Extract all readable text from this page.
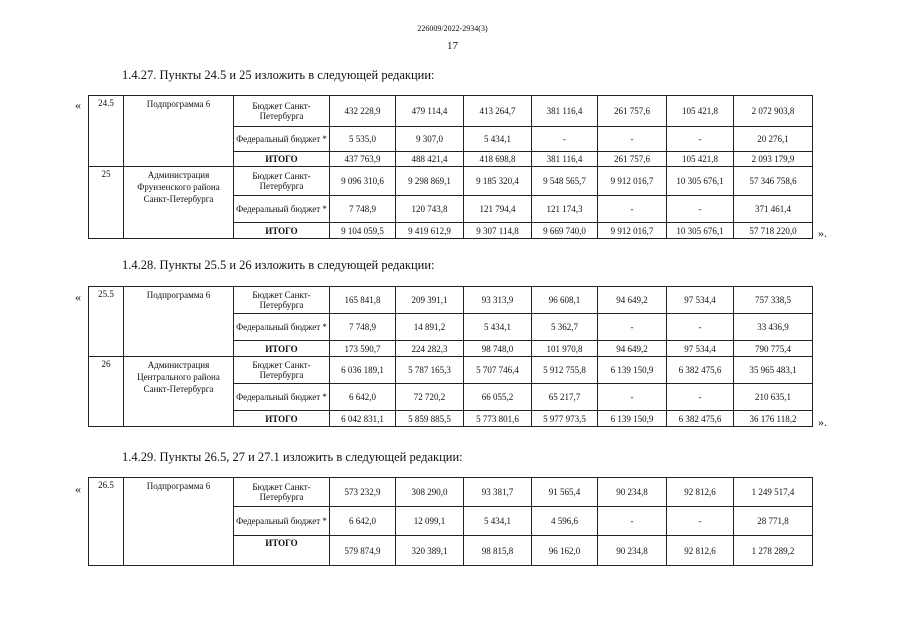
226009/2022-2934(3)
17
1.4.27. Пункты 24.5 и 25 изложить в следующей редакции:
«
».
24.5	Подпрограмма 6	Бюджет Санкт-Петербурга	432 228,9	479 114,4	413 264,7	381 116,4	261 757,6	105 421,8	2 072 903,8
		Федеральный бюджет *	5 535,0	9 307,0	5 434,1	-	-	-	20 276,1
		ИТОГО	437 763,9	488 421,4	418 698,8	381 116,4	261 757,6	105 421,8	2 093 179,9
25	Администрация Фрунзенского района Санкт-Петербурга	Бюджет Санкт-Петербурга	9 096 310,6	9 298 869,1	9 185 320,4	9 548 565,7	9 912 016,7	10 305 676,1	57 346 758,6
		Федеральный бюджет *	7 748,9	120 743,8	121 794,4	121 174,3	-	-	371 461,4
		ИТОГО	9 104 059,5	9 419 612,9	9 307 114,8	9 669 740,0	9 912 016,7	10 305 676,1	57 718 220,0
1.4.28. Пункты 25.5 и 26 изложить в следующей редакции:
«
».
25.5	Подпрограмма 6	Бюджет Санкт-Петербурга	165 841,8	209 391,1	93 313,9	96 608,1	94 649,2	97 534,4	757 338,5
		Федеральный бюджет *	7 748,9	14 891,2	5 434,1	5 362,7	-	-	33 436,9
		ИТОГО	173 590,7	224 282,3	98 748,0	101 970,8	94 649,2	97 534,4	790 775,4
26	Администрация Центрального района Санкт-Петербурга	Бюджет Санкт-Петербурга	6 036 189,1	5 787 165,3	5 707 746,4	5 912 755,8	6 139 150,9	6 382 475,6	35 965 483,1
		Федеральный бюджет *	6 642,0	72 720,2	66 055,2	65 217,7	-	-	210 635,1
		ИТОГО	6 042 831,1	5 859 885,5	5 773 801,6	5 977 973,5	6 139 150,9	6 382 475,6	36 176 118,2
1.4.29. Пункты 26.5, 27 и 27.1 изложить в следующей редакции:
« 26.5	Подпрограмма 6	Бюджет Санкт-Петербурга	573 232,9	308 290,0	93 381,7	91 565,4	90 234,8	92 812,6	1 249 517,4
		Федеральный бюджет *	6 642,0	12 099,1	5 434,1	4 596,6	-	-	28 771,8
		ИТОГО	579 874,9	320 389,1	98 815,8	96 162,0	90 234,8	92 812,6	1 278 289,2
